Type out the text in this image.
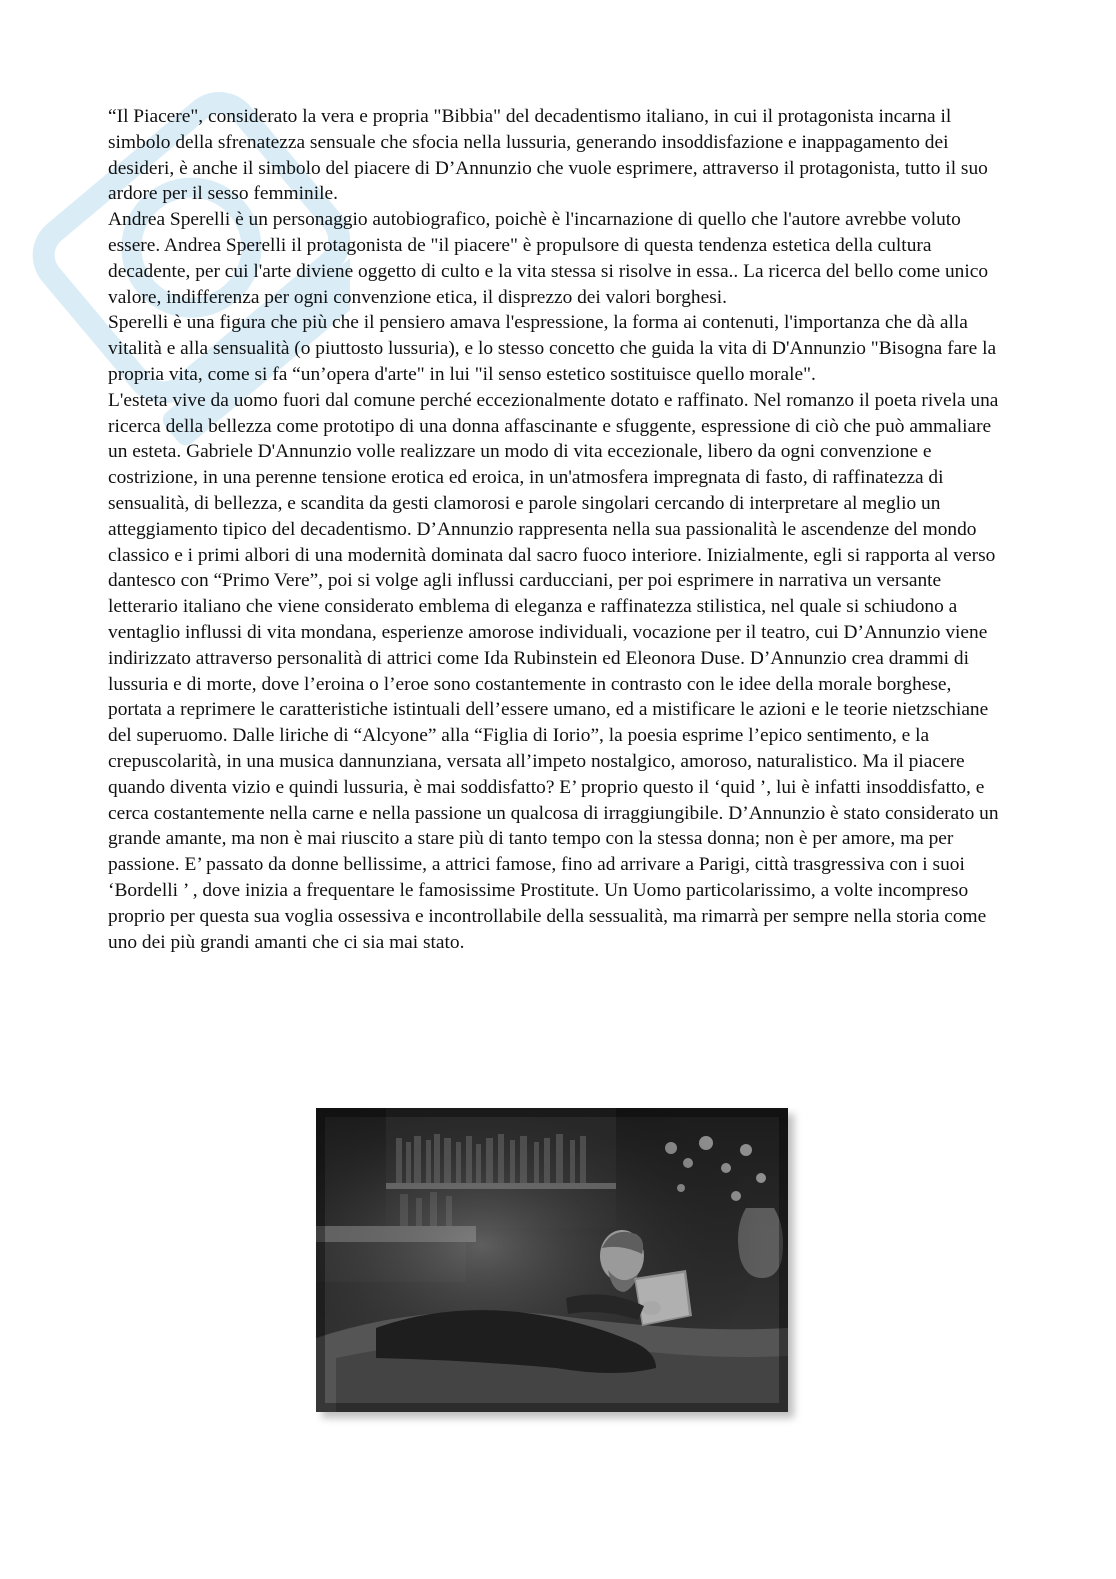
“Il Piacere", considerato la vera e propria "Bibbia" del decadentismo italiano, in cui il protagonista incarna il simbolo della sfrenatezza sensuale che sfocia nella lussuria, generando insoddisfazione e inappagamento dei desideri, è anche il simbolo del piacere di D’Annunzio che vuole esprimere, attraverso il protagonista, tutto il suo ardore per il sesso femminile.

Andrea Sperelli è un personaggio autobiografico, poichè è l'incarnazione di quello che l'autore avrebbe voluto essere. Andrea Sperelli il protagonista de "il piacere" è propulsore di questa tendenza estetica della cultura decadente, per cui l'arte diviene oggetto di culto e la vita stessa si risolve in essa.. La ricerca del bello come unico valore, indifferenza per ogni convenzione etica, il disprezzo dei valori borghesi.

Sperelli è una figura che più che il pensiero amava l'espressione, la forma ai contenuti, l'importanza che dà alla vitalità e alla sensualità (o piuttosto lussuria), e lo stesso concetto che guida la vita di D'Annunzio "Bisogna fare la propria vita, come si fa “un’opera d'arte" in lui "il senso estetico sostituisce quello morale".

L'esteta vive da uomo fuori dal comune perché eccezionalmente dotato e raffinato. Nel romanzo il poeta rivela una ricerca della bellezza come prototipo di una donna affascinante e sfuggente, espressione di ciò che può ammaliare un esteta. Gabriele D'Annunzio volle realizzare un modo di vita eccezionale, libero da ogni convenzione e costrizione, in una perenne tensione erotica ed eroica, in un'atmosfera impregnata di fasto, di raffinatezza di sensualità, di bellezza, e scandita da gesti clamorosi e parole singolari cercando di interpretare al meglio un atteggiamento tipico del decadentismo. D’Annunzio rappresenta nella sua passionalità le ascendenze del mondo classico e i primi albori di una modernità dominata dal sacro fuoco interiore. Inizialmente, egli si rapporta al verso dantesco con “Primo Vere”, poi si volge agli influssi carducciani, per poi esprimere in narrativa un versante letterario italiano che viene considerato emblema di eleganza e raffinatezza stilistica, nel quale si schiudono a ventaglio influssi di vita mondana, esperienze amorose individuali, vocazione per il teatro, cui D’Annunzio viene indirizzato attraverso personalità di attrici come Ida Rubinstein ed Eleonora Duse. D’Annunzio crea drammi di lussuria e di morte, dove l’eroina o l’eroe sono costantemente in contrasto con le idee della morale borghese, portata a reprimere le caratteristiche istintuali dell’essere umano, ed a mistificare le azioni e le teorie nietzschiane del superuomo. Dalle liriche di “Alcyone” alla “Figlia di Iorio”, la poesia esprime l’epico sentimento, e la crepuscolarità, in una musica dannunziana, versata all’impeto nostalgico, amoroso, naturalistico. Ma il piacere quando diventa vizio e quindi lussuria, è mai soddisfatto? E’ proprio questo il ‘quid ’, lui è infatti insoddisfatto, e cerca costantemente nella carne e nella passione un qualcosa di irraggiungibile. D’Annunzio è stato considerato un grande amante, ma non è mai riuscito a stare più di tanto tempo con la stessa donna; non è per amore, ma per passione. E’ passato da donne bellissime, a attrici famose, fino ad arrivare a Parigi, città trasgressiva con i suoi ‘Bordelli ’ , dove inizia a frequentare le famosissime Prostitute. Un Uomo particolarissimo, a volte incompreso proprio per questa sua voglia ossessiva e incontrollabile della sessualità, ma rimarrà per sempre nella storia come uno dei più grandi amanti che ci sia mai stato.
